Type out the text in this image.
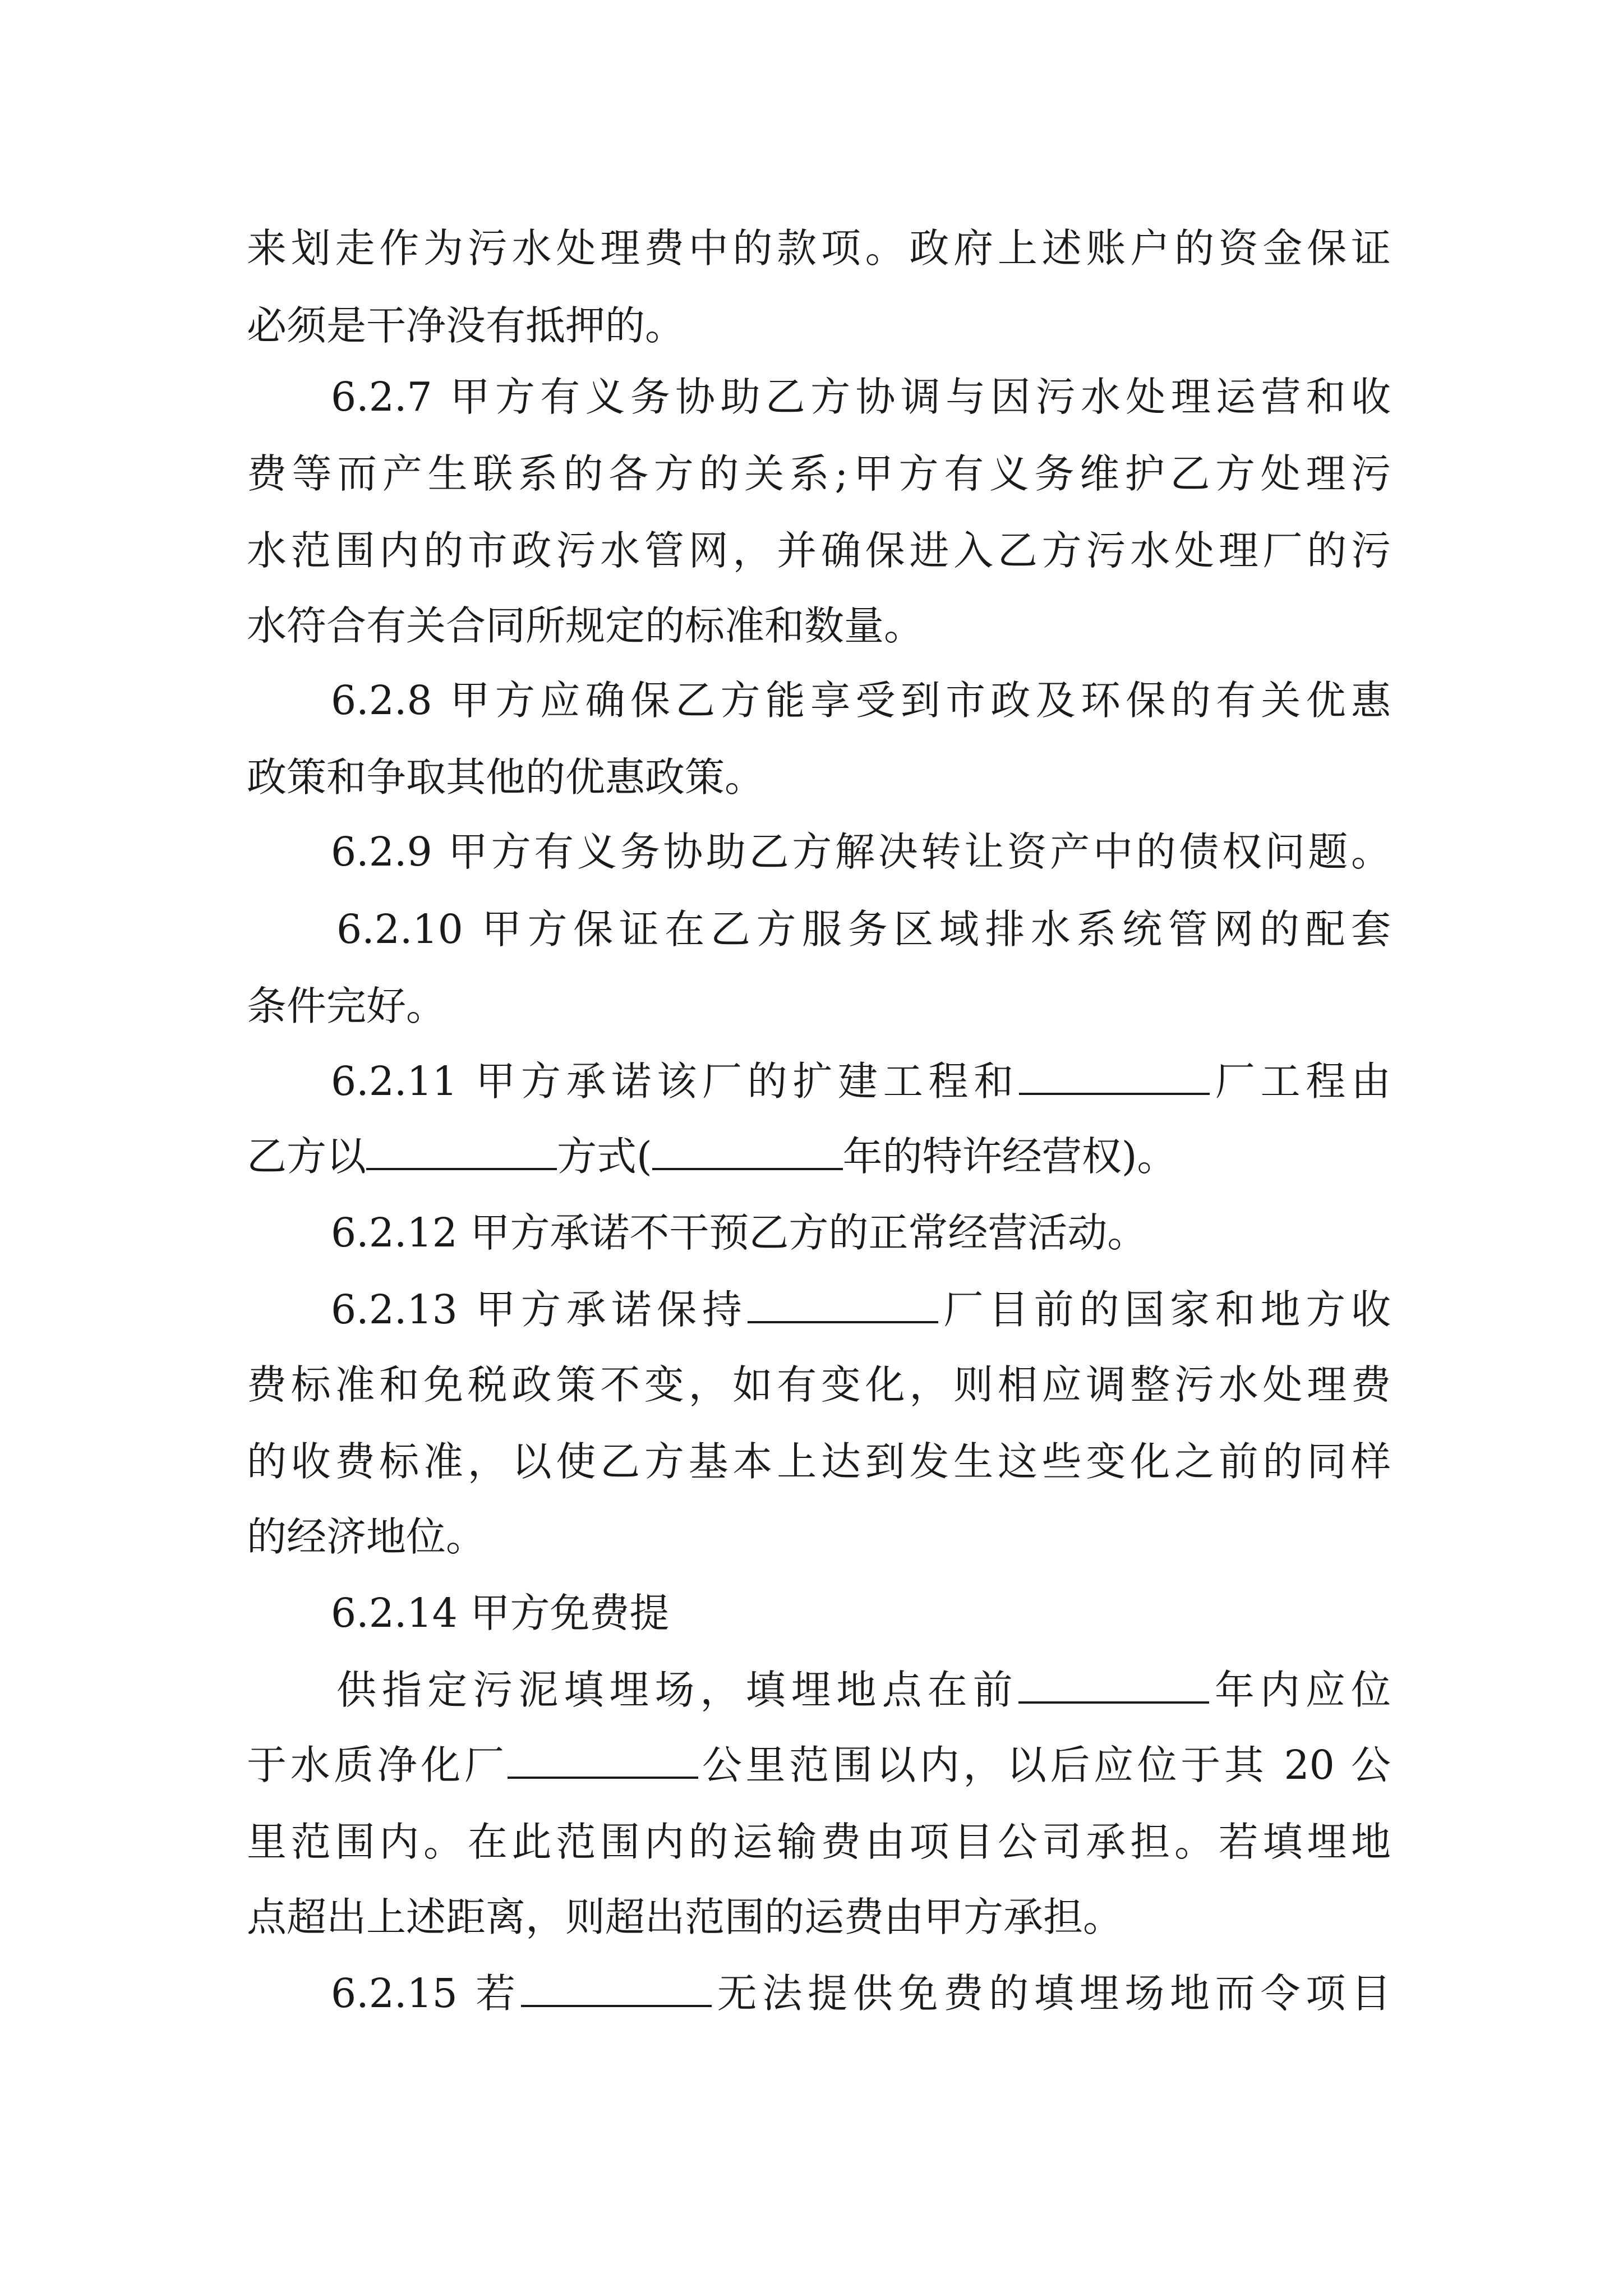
来划走作为污水处理费中的款项。政府上述账户的资金保证
必须是干净没有抵押的。
6.2.7 甲方有义务协助乙方协调与因污水处理运营和收
费等而产生联系的各方的关系;甲方有义务维护乙方处理污
水范围内的市政污水管网，并确保进入乙方污水处理厂的污
水符合有关合同所规定的标准和数量。
6.2.8 甲方应确保乙方能享受到市政及环保的有关优惠
政策和争取其他的优惠政策。
6.2.9 甲方有义务协助乙方解决转让资产中的债权问题。
6.2.10 甲方保证在乙方服务区域排水系统管网的配套
条件完好。
6.2.11 甲方承诺该厂的扩建工程和	厂工程由
乙方以	方式(	年的特许经营权)。
6.2.12 甲方承诺不干预乙方的正常经营活动。
6.2.13 甲方承诺保持	厂目前的国家和地方收
费标准和免税政策不变，如有变化，则相应调整污水处理费
的收费标准，以使乙方基本上达到发生这些变化之前的同样
的经济地位。
6.2.14 甲方免费提
供指定污泥填埋场，填埋地点在前	年内应位
于水质净化厂	公里范围以内，以后应位于其 20 公
里范围内。在此范围内的运输费由项目公司承担。若填埋地
点超出上述距离，则超出范围的运费由甲方承担。
6.2.15 若	无法提供免费的填埋场地而令项目
